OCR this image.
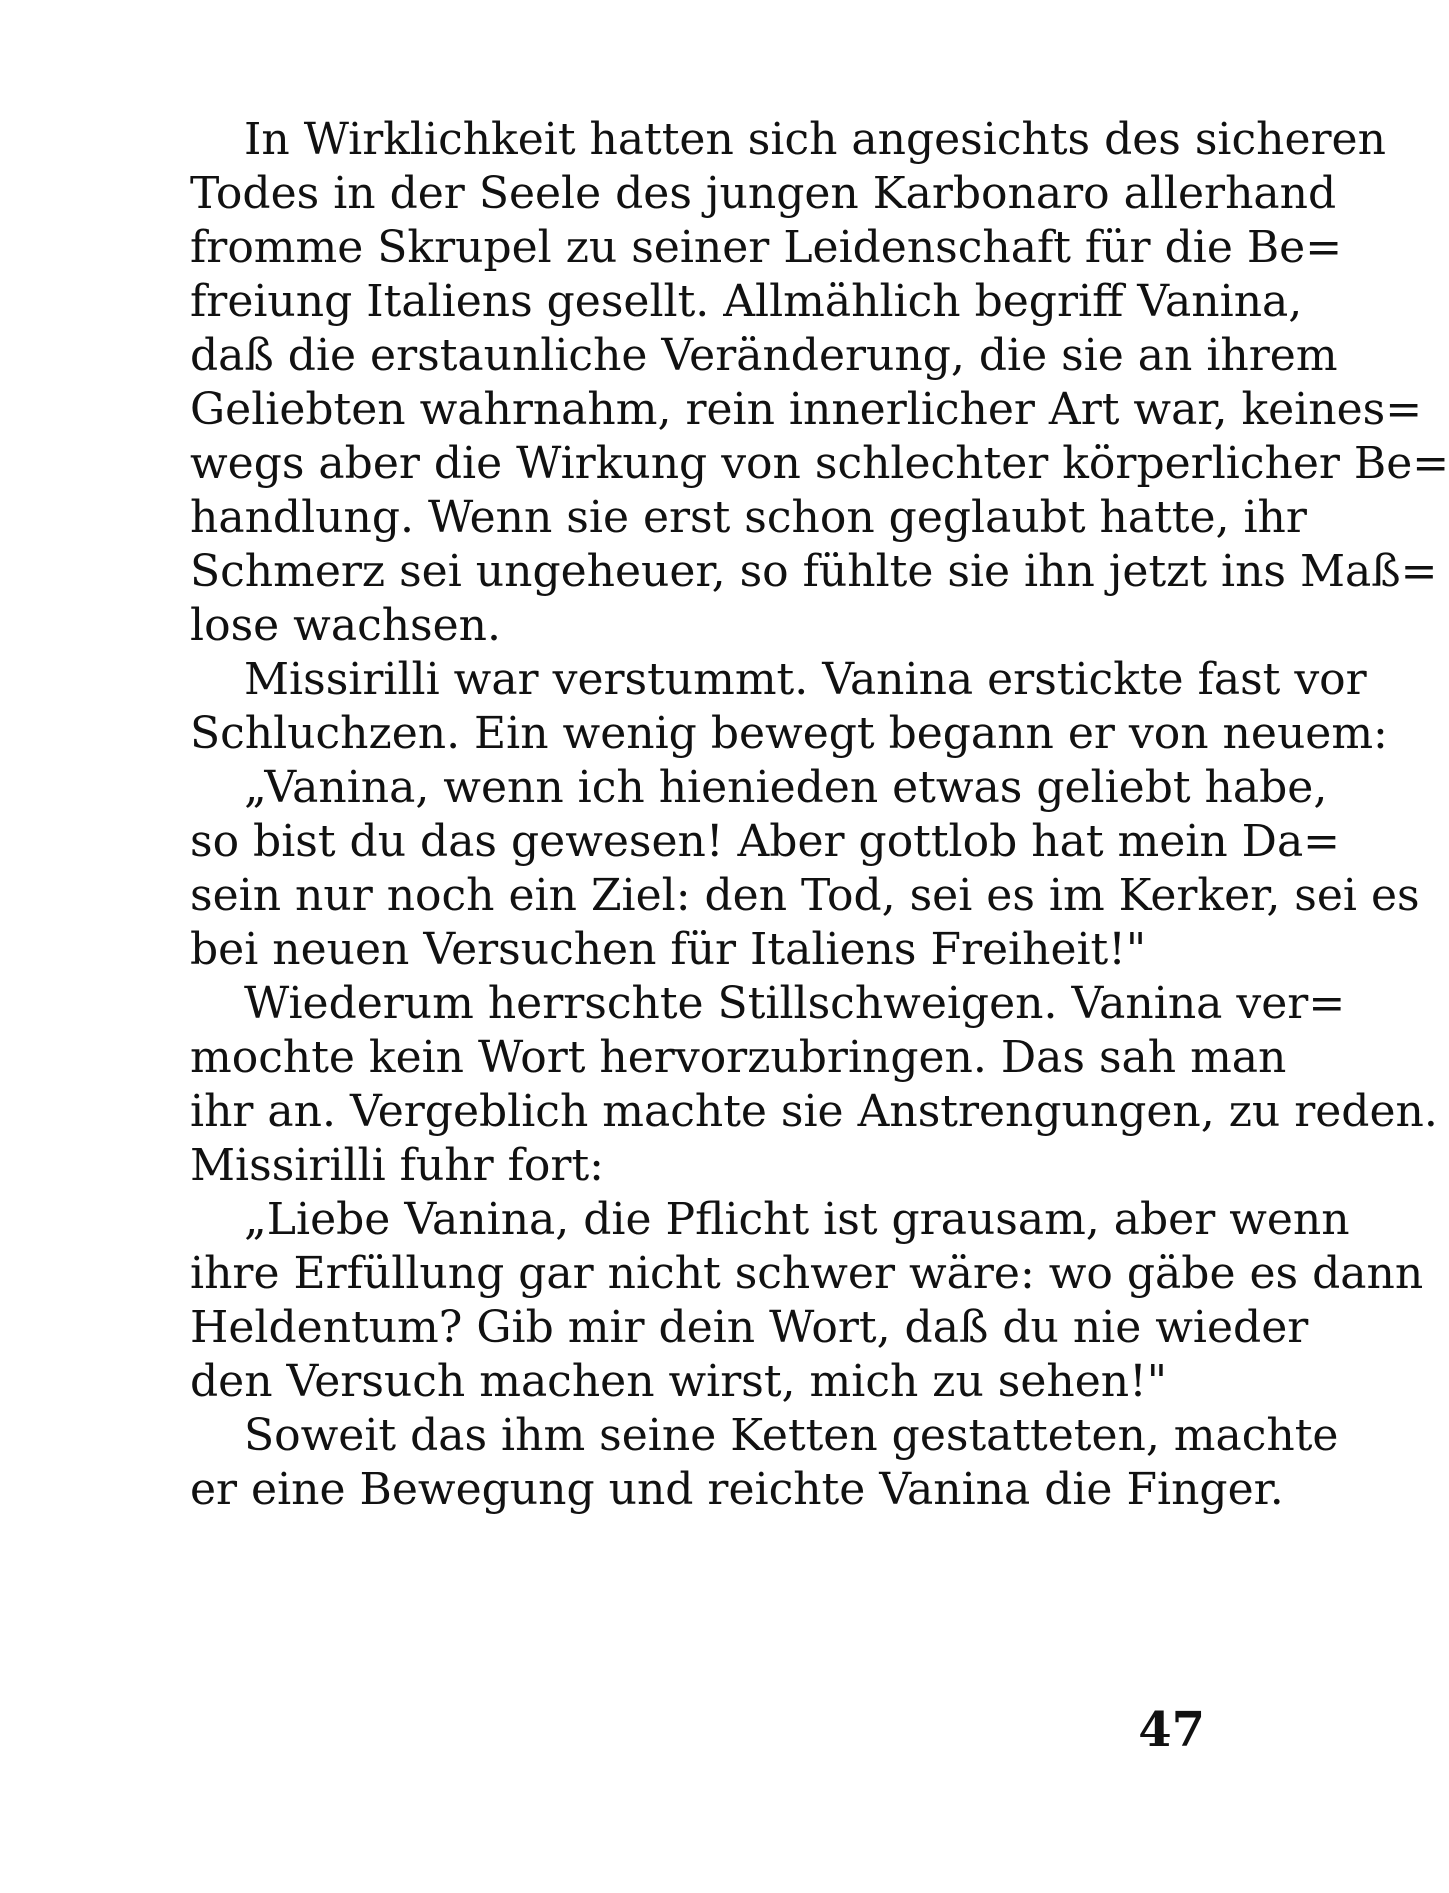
In Wirklichkeit hatten sich angesichts des sicheren
Todes in der Seele des jungen Karbonaro allerhand
fromme Skrupel zu seiner Leidenschaft für die Be=
freiung Italiens gesellt. Allmählich begriff Vanina,
daß die erstaunliche Veränderung, die sie an ihrem
Geliebten wahrnahm, rein innerlicher Art war, keines=
wegs aber die Wirkung von schlechter körperlicher Be=
handlung. Wenn sie erst schon geglaubt hatte, ihr
Schmerz sei ungeheuer, so fühlte sie ihn jetzt ins Maß=
lose wachsen.
Missirilli war verstummt. Vanina erstickte fast vor
Schluchzen. Ein wenig bewegt begann er von neuem:
„Vanina, wenn ich hienieden etwas geliebt habe,
so bist du das gewesen! Aber gottlob hat mein Da=
sein nur noch ein Ziel: den Tod, sei es im Kerker, sei es
bei neuen Versuchen für Italiens Freiheit!"
Wiederum herrschte Stillschweigen. Vanina ver=
mochte kein Wort hervorzubringen. Das sah man
ihr an. Vergeblich machte sie Anstrengungen, zu reden.
Missirilli fuhr fort:
„Liebe Vanina, die Pflicht ist grausam, aber wenn
ihre Erfüllung gar nicht schwer wäre: wo gäbe es dann
Heldentum? Gib mir dein Wort, daß du nie wieder
den Versuch machen wirst, mich zu sehen!"
Soweit das ihm seine Ketten gestatteten, machte
er eine Bewegung und reichte Vanina die Finger.
47
